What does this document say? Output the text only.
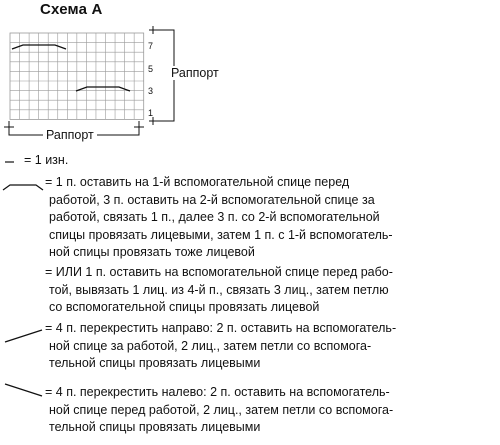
Схема А
7
5
3
1
Раппорт
Раппорт
= 1 изн.
= 1 п. оставить на 1-й вспомогательной спице перед
работой, 3 п. оставить на 2-й вспомогательной спице за
работой, связать 1 п., далее 3 п. со 2-й вспомогательной
спицы провязать лицевыми, затем 1 п. с 1-й вспомогатель-
ной спицы провязать тоже лицевой
= ИЛИ 1 п. оставить на вспомогательной спице перед рабо-
той, вывязать 1 лиц. из 4-й п., связать 3 лиц., затем петлю
со вспомогательной спицы провязать лицевой
= 4 п. перекрестить направо: 2 п. оставить на вспомогатель-
ной спице за работой, 2 лиц., затем петли со вспомога-
тельной спицы провязать лицевыми
= 4 п. перекрестить налево: 2 п. оставить на вспомогатель-
ной спице перед работой, 2 лиц., затем петли со вспомога-
тельной спицы провязать лицевыми
